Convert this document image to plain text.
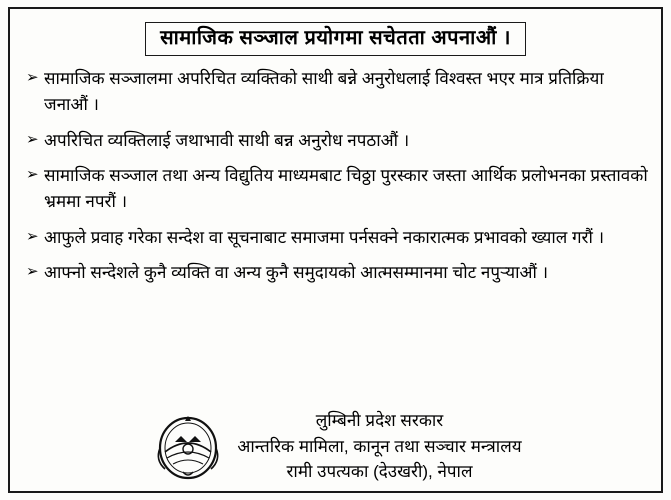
सामाजिक सञ्जाल प्रयोगमा सचेतता अपनाऔं ।
➢ सामाजिक सञ्जालमा अपरिचित व्यक्तिको साथी बन्ने अनुरोधलाई विश्वस्त भएर मात्र प्रतिक्रिया जनाऔं ।
➢ अपरिचित व्यक्तिलाई जथाभावी साथी बन्न अनुरोध नपठाऔं ।
➢ सामाजिक सञ्जाल तथा अन्य विद्युतिय माध्यमबाट चिठ्ठा पुरस्कार जस्ता आर्थिक प्रलोभनका प्रस्तावको भ्रममा नपरौं ।
➢ आफुले प्रवाह गरेका सन्देश वा सूचनाबाट समाजमा पर्नसक्ने नकारात्मक प्रभावको ख्याल गरौं ।
➢ आफ्नो सन्देशले कुनै व्यक्ति वा अन्य कुनै समुदायको आत्मसम्मानमा चोट नपुऱ्याऔं ।
लुम्बिनी प्रदेश सरकार
आन्तरिक मामिला, कानून तथा सञ्चार मन्त्रालय
रामी उपत्यका (देउखरी), नेपाल
